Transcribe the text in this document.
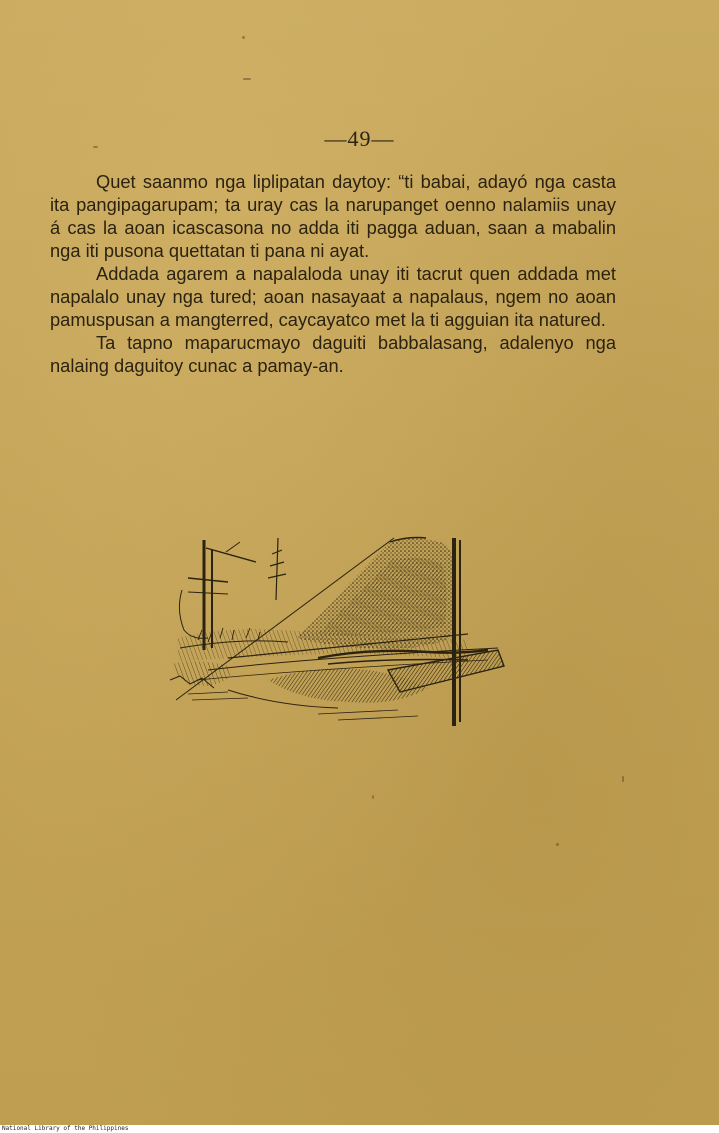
—49—

Quet saanmo nga liplipatan daytoy: “ti babai, adayó nga casta ita pangipagarupam; ta uray cas la narupanget oenno nalamiis unay á cas la aoan icascasona no adda iti pagga aduan, saan a mabalin nga iti pusona quettatan ti pana ni ayat.

Addada agarem a napalaloda unay iti tacrut quen addada met napalalo unay nga tured; aoan nasayaat a napalaus, ngem no aoan pamuspusan a mangterred, caycayatco met la ti agguian ita natured.

Ta tapno maparucmayo daguiti babbalasang, adalenyo nga nalaing daguitoy cunac a pamay-an.

National Library of the Philippines
